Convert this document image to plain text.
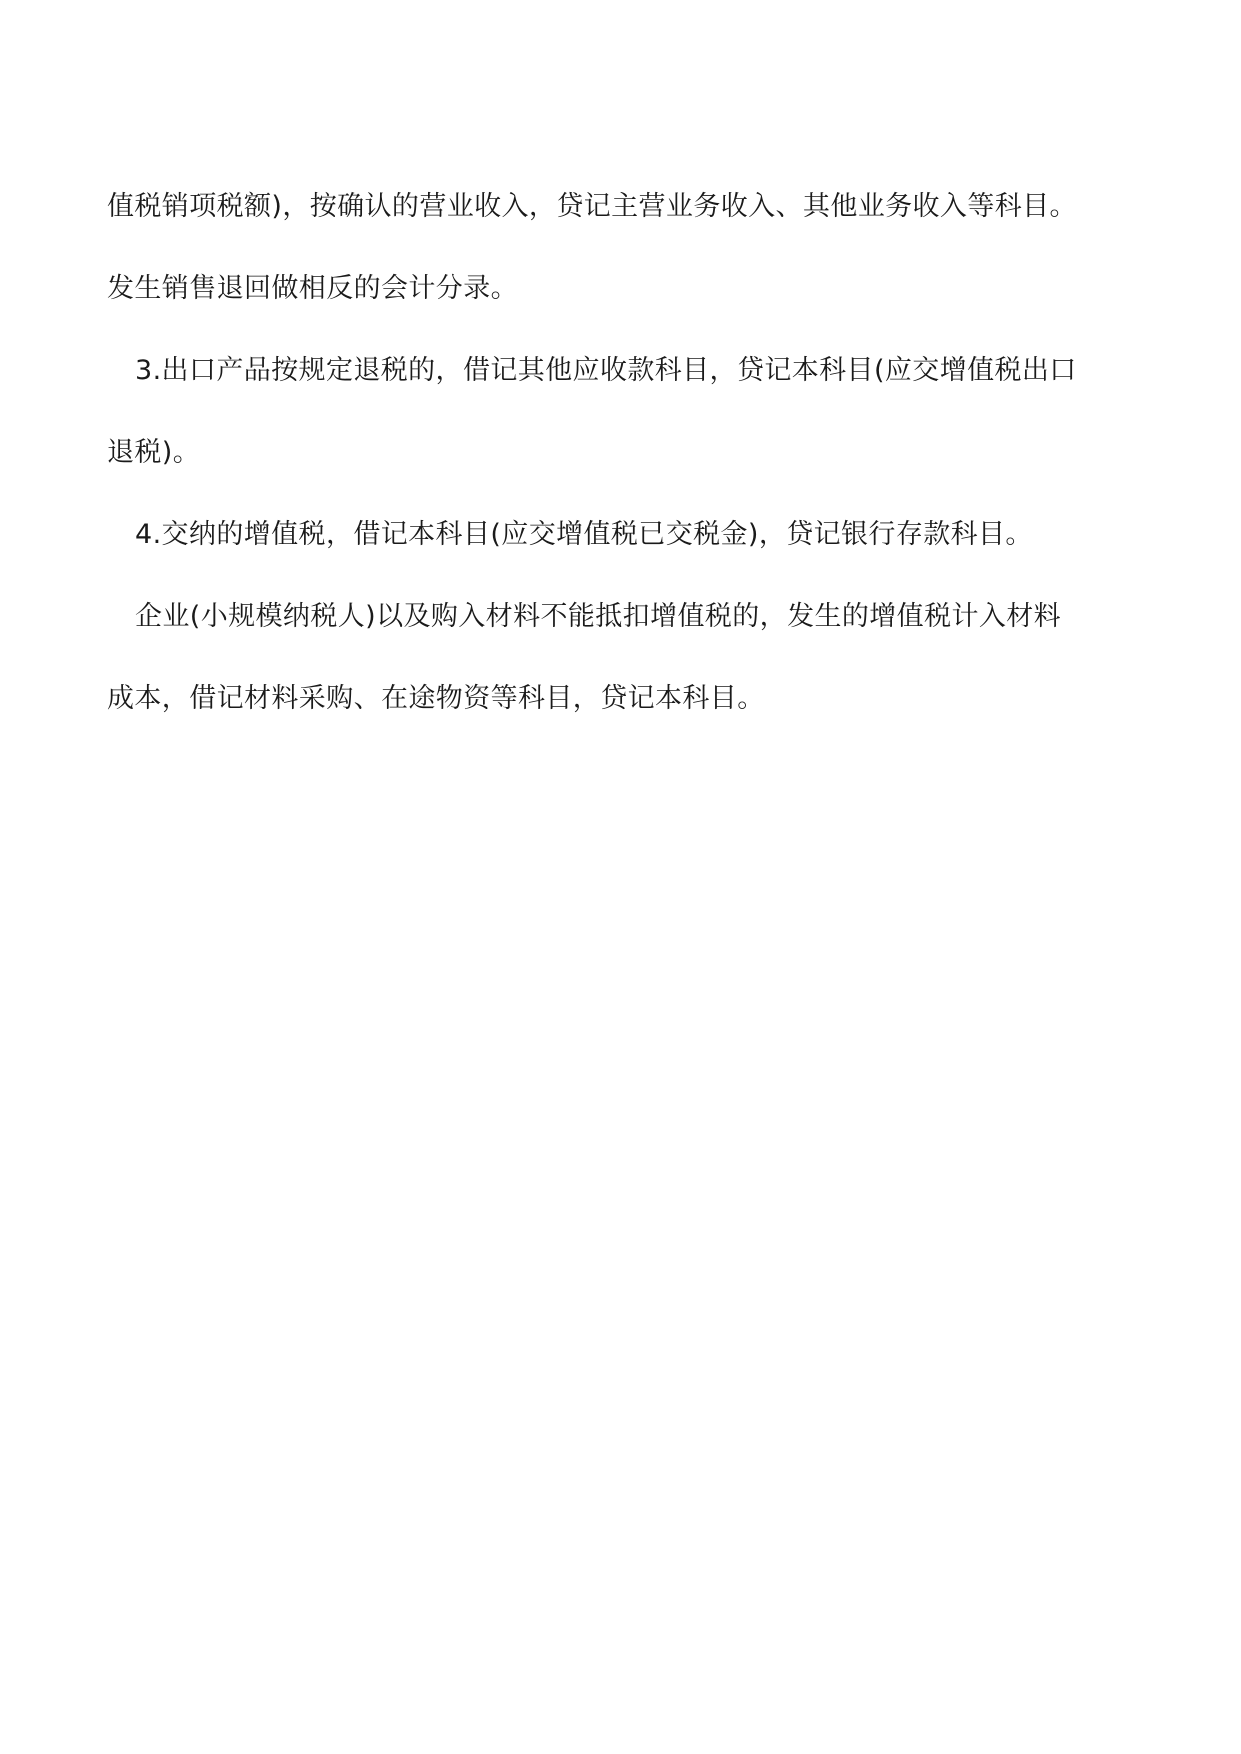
值税销项税额)，按确认的营业收入，贷记主营业务收入、其他业务收入等科目。
发生销售退回做相反的会计分录。
3.出口产品按规定退税的，借记其他应收款科目，贷记本科目(应交增值税出口
退税)。
4.交纳的增值税，借记本科目(应交增值税已交税金)，贷记银行存款科目。
企业(小规模纳税人)以及购入材料不能抵扣增值税的，发生的增值税计入材料
成本，借记材料采购、在途物资等科目，贷记本科目。
